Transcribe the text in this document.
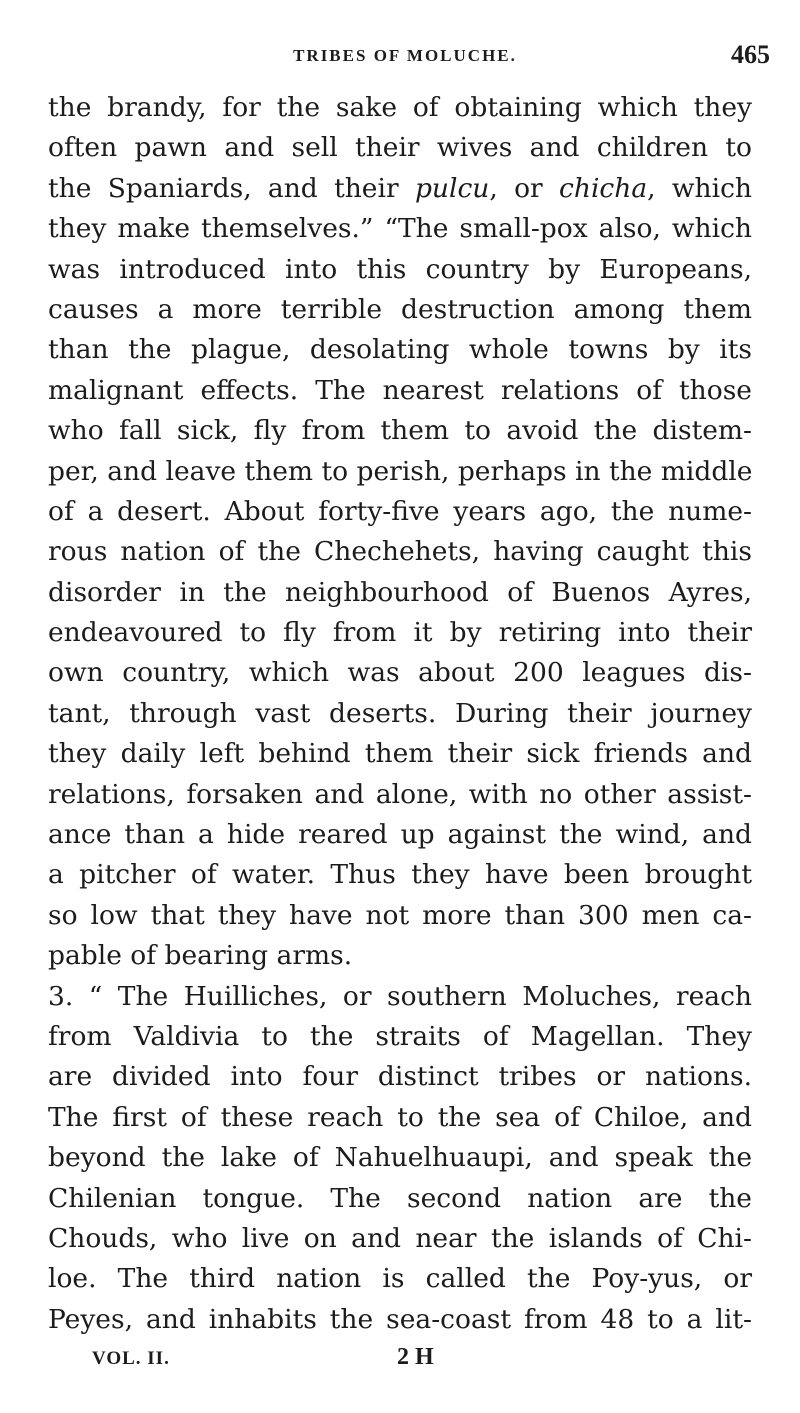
TRIBES OF MOLUCHE.	465
the brandy, for the sake of obtaining which they
often pawn and sell their wives and children to
the Spaniards, and their pulcu, or chicha, which
they make themselves.” “The small-pox also, which
was introduced into this country by Europeans,
causes a more terrible destruction among them
than the plague, desolating whole towns by its
malignant effects. The nearest relations of those
who fall sick, fly from them to avoid the distem-
per, and leave them to perish, perhaps in the middle
of a desert. About forty-five years ago, the nume-
rous nation of the Chechehets, having caught this
disorder in the neighbourhood of Buenos Ayres,
endeavoured to fly from it by retiring into their
own country, which was about 200 leagues dis-
tant, through vast deserts. During their journey
they daily left behind them their sick friends and
relations, forsaken and alone, with no other assist-
ance than a hide reared up against the wind, and
a pitcher of water. Thus they have been brought
so low that they have not more than 300 men ca-
pable of bearing arms.
3. “ The Huilliches, or southern Moluches, reach
from Valdivia to the straits of Magellan. They
are divided into four distinct tribes or nations.
The first of these reach to the sea of Chiloe, and
beyond the lake of Nahuelhuaupi, and speak the
Chilenian tongue. The second nation are the
Chouds, who live on and near the islands of Chi-
loe. The third nation is called the Poy-yus, or
Peyes, and inhabits the sea-coast from 48 to a lit-
VOL. II.	2 H
